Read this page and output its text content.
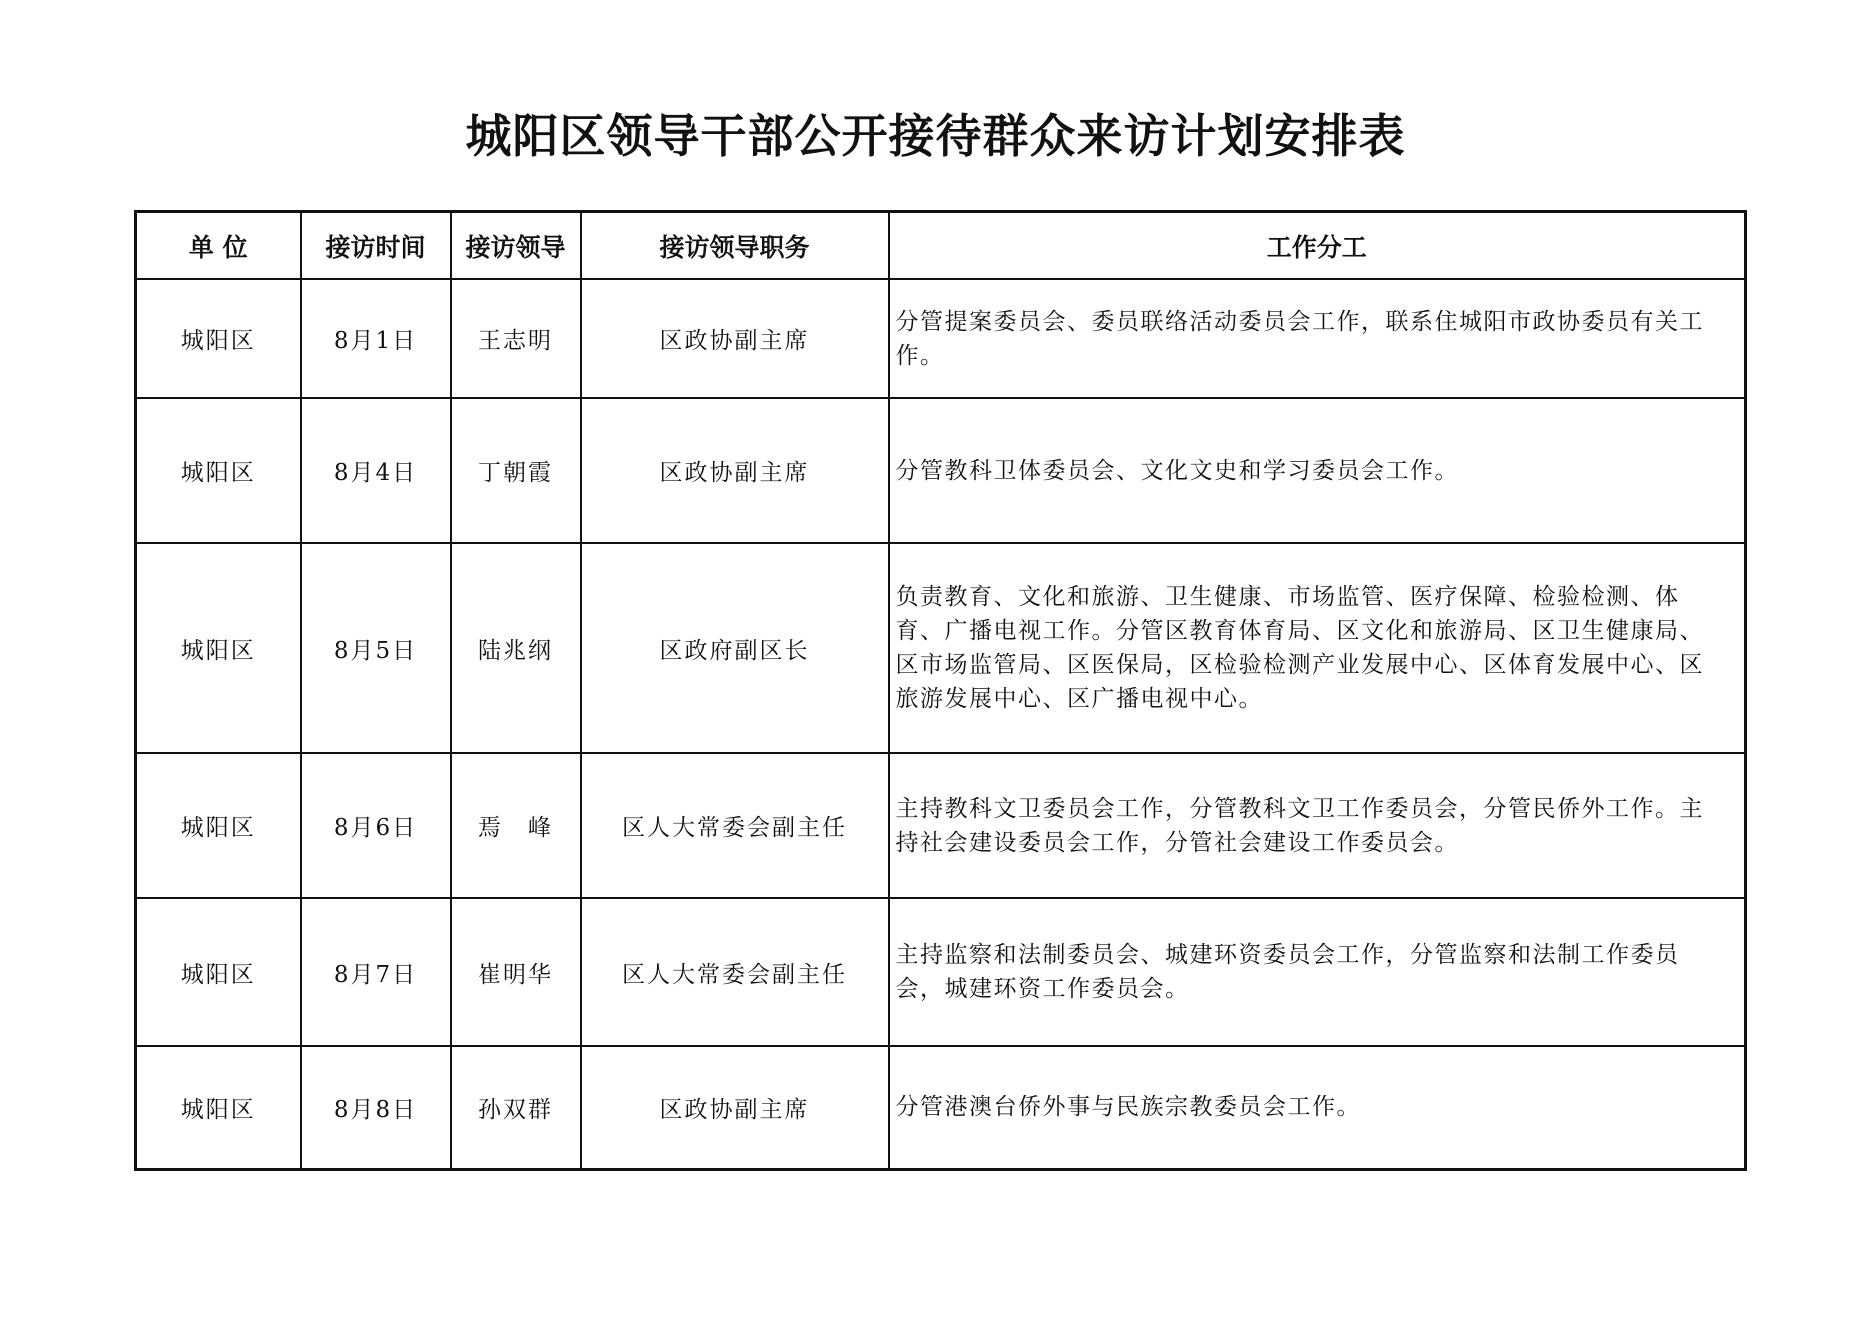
城阳区领导干部公开接待群众来访计划安排表
单 位	接访时间	接访领导	接访领导职务	工作分工
城阳区	8月1日	王志明	区政协副主席	分管提案委员会、委员联络活动委员会工作，联系住城阳市政协委员有关工作。
城阳区	8月4日	丁朝霞	区政协副主席	分管教科卫体委员会、文化文史和学习委员会工作。
城阳区	8月5日	陆兆纲	区政府副区长	负责教育、文化和旅游、卫生健康、市场监管、医疗保障、检验检测、体育、广播电视工作。分管区教育体育局、区文化和旅游局、区卫生健康局、区市场监管局、区医保局，区检验检测产业发展中心、区体育发展中心、区旅游发展中心、区广播电视中心。
城阳区	8月6日	焉　峰	区人大常委会副主任	主持教科文卫委员会工作，分管教科文卫工作委员会，分管民侨外工作。主持社会建设委员会工作，分管社会建设工作委员会。
城阳区	8月7日	崔明华	区人大常委会副主任	主持监察和法制委员会、城建环资委员会工作，分管监察和法制工作委员会，城建环资工作委员会。
城阳区	8月8日	孙双群	区政协副主席	分管港澳台侨外事与民族宗教委员会工作。
